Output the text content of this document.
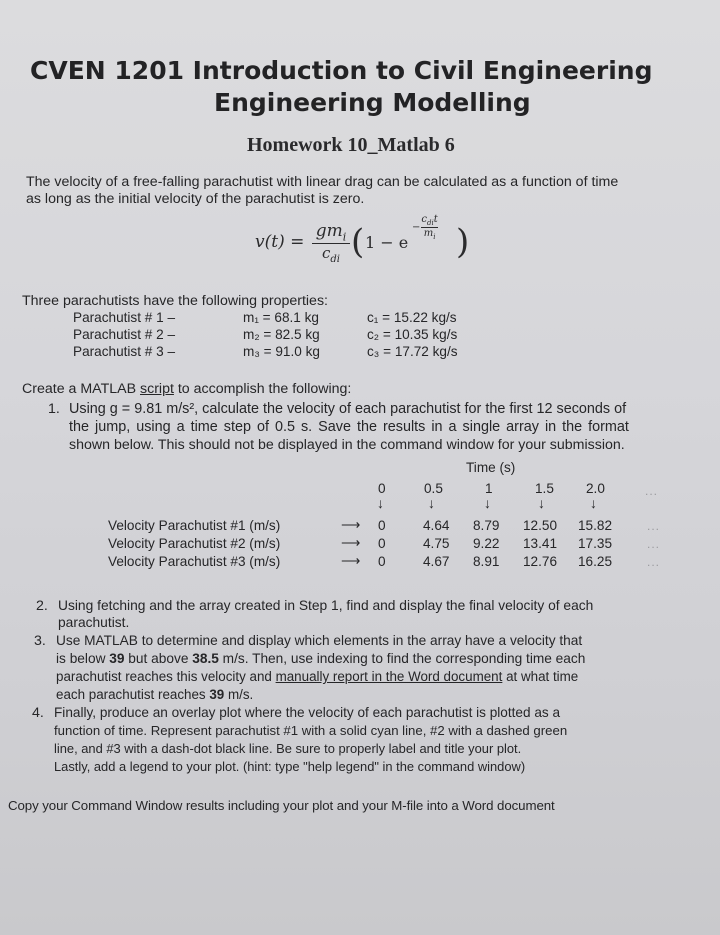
CVEN 1201 Introduction to Civil Engineering
Engineering Modelling
Homework 10_Matlab 6
The velocity of a free-falling parachutist with linear drag can be calculated as a function of time
as long as the initial velocity of the parachutist is zero.
v(t) =
$gm_i$
$c_{di}$ ( 1 − e
−
$c_{di}t$
$m_i$ )
Three parachutists have the following properties:
Parachutist # 1 –	m₁ = 68.1 kg	c₁ = 15.22 kg/s
Parachutist # 2 –	m₂ = 82.5 kg	c₂ = 10.35 kg/s
Parachutist # 3 –	m₃ = 91.0 kg	c₃ = 17.72 kg/s
Create a MATLAB script to accomplish the following:
1. Using g = 9.81 m/s², calculate the velocity of each parachutist for the first 12 seconds of
the jump, using a time step of 0.5 s. Save the results in a single array in the format
shown below. This should not be displayed in the command window for your submission.
Time (s)
0	0.5	1	1.5 2.0	...
↓	↓	↓	↓	↓
Velocity Parachutist #1 (m/s)	⟶ 0	4.64 8.79 12.50 15.82	...
Velocity Parachutist #2 (m/s)	⟶ 0	4.75 9.22 13.41 17.35	...
Velocity Parachutist #3 (m/s)	⟶ 0	4.67 8.91 12.76 16.25	...
2. Using fetching and the array created in Step 1, find and display the final velocity of each
parachutist.
3. Use MATLAB to determine and display which elements in the array have a velocity that
is below 39 but above 38.5 m/s. Then, use indexing to find the corresponding time each
parachutist reaches this velocity and manually report in the Word document at what time
each parachutist reaches 39 m/s.
4. Finally, produce an overlay plot where the velocity of each parachutist is plotted as a
function of time. Represent parachutist #1 with a solid cyan line, #2 with a dashed green
line, and #3 with a dash-dot black line. Be sure to properly label and title your plot.
Lastly, add a legend to your plot. (hint: type "help legend" in the command window)
Copy your Command Window results including your plot and your M-file into a Word document
